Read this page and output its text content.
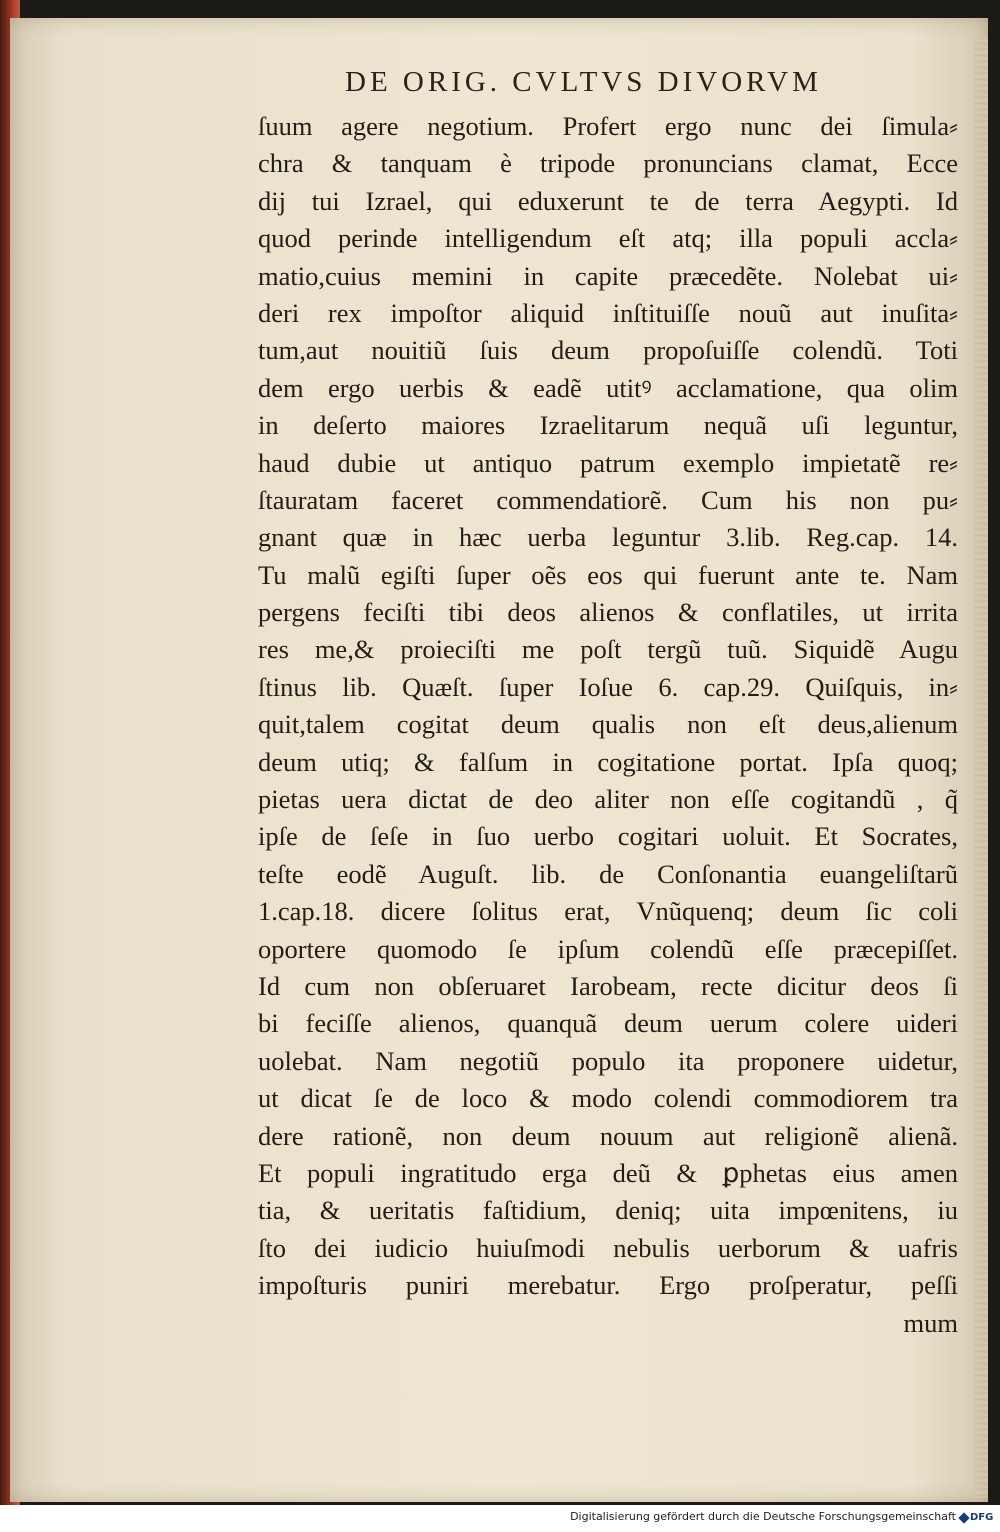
DE ORIG. CVLTVS DIVORVM
ſuum agere negotium. Profert ergo nunc dei ſimula⸗
chra & tanquam è tripode pronuncians clamat, Ecce
dij tui Izrael, qui eduxerunt te de terra Aegypti. Id
quod perinde intelligendum eſt atq; illa populi accla⸗
matio,cuius memini in capite præcedẽte. Nolebat ui⸗
deri rex impoſtor aliquid inſtituiſſe nouũ aut inuſita⸗
tum,aut nouitiũ ſuis deum propoſuiſſe colendũ. Toti
dem ergo uerbis & eadẽ utitꝰ acclamatione, qua olim
in deſerto maiores Izraelitarum nequã uſi leguntur,
haud dubie ut antiquo patrum exemplo impietatẽ re⸗
ſtauratam faceret commendatiorẽ. Cum his non pu⸗
gnant quæ in hæc uerba leguntur 3.lib. Reg.cap. 14.
Tu malũ egiſti ſuper oẽs eos qui fuerunt ante te. Nam
pergens feciſti tibi deos alienos & conflatiles, ut irrita
res me,& proieciſti me poſt tergũ tuũ. Siquidẽ Augu
ſtinus lib. Quæſt. ſuper Ioſue 6. cap.29. Quiſquis, in⸗
quit,talem cogitat deum qualis non eſt deus,alienum
deum utiq; & falſum in cogitatione portat. Ipſa quoq;
pietas uera dictat de deo aliter non eſſe cogitandũ , q̃
ipſe de ſeſe in ſuo uerbo cogitari uoluit. Et Socrates,
teſte eodẽ Auguſt. lib. de Conſonantia euangeliſtarũ
1.cap.18. dicere ſolitus erat, Vnũquenq; deum ſic coli
oportere quomodo ſe ipſum colendũ eſſe præcepiſſet.
Id cum non obſeruaret Iarobeam, recte dicitur deos ſi
bi feciſſe alienos, quanquã deum uerum colere uideri
uolebat. Nam negotiũ populo ita proponere uidetur,
ut dicat ſe de loco & modo colendi commodiorem tra
dere rationẽ, non deum nouum aut religionẽ alienã.
Et populi ingratitudo erga deũ & ꝑphetas eius amen
tia, & ueritatis faſtidium, deniq; uita impœnitens, iu
ſto dei iudicio huiuſmodi nebulis uerborum & uafris
impoſturis puniri merebatur. Ergo proſperatur, peſſi
mum
Digitalisierung gefördert durch die Deutsche Forschungsgemeinschaft DFG
